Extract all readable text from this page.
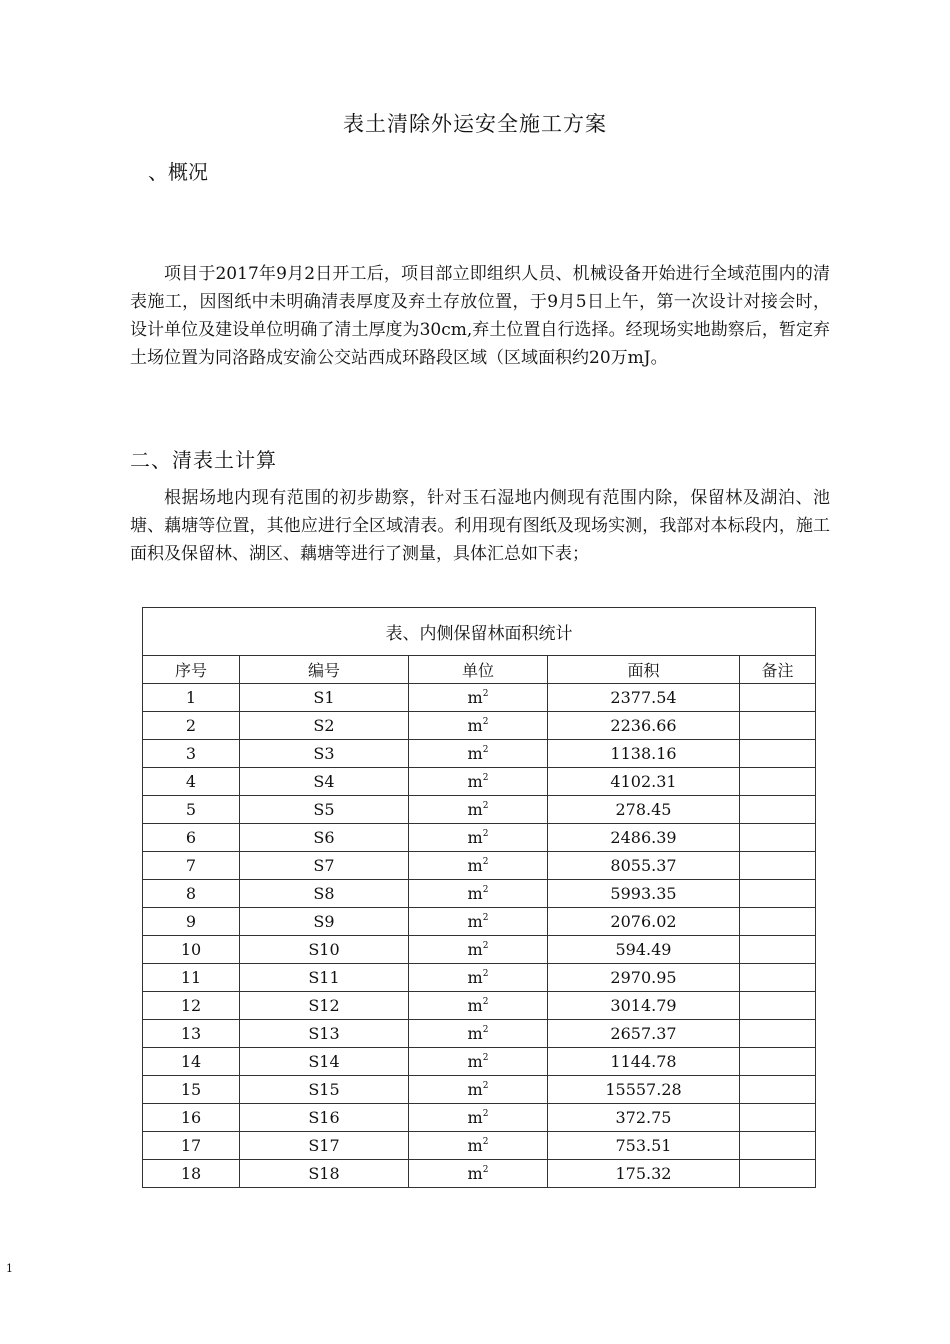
表土清除外运安全施工方案
、概况
项目于2017年9月2日开工后，项目部立即组织人员、机械设备开始进行全域范围内的清表施工，因图纸中未明确清表厚度及弃土存放位置，于9月5日上午，第一次设计对接会时，设计单位及建设单位明确了清土厚度为30cm,弃土位置自行选择。经现场实地勘察后，暂定弃土场位置为同洛路成安渝公交站西成环路段区域（区域面积约20万mJ。
二、清表土计算
根据场地内现有范围的初步勘察，针对玉石湿地内侧现有范围内除，保留林及湖泊、池塘、藕塘等位置，其他应进行全区域清表。利用现有图纸及现场实测，我部对本标段内，施工面积及保留林、湖区、藕塘等进行了测量，具体汇总如下表；
表、内侧保留林面积统计				
序号	编号	单位	面积	备注
1	S1	$m^2$	2377.54	
2	S2	$m^2$	2236.66	
3	S3	$m^2$	1138.16	
4	S4	$m^2$	4102.31	
5	S5	$m^2$	278.45	
6	S6	$m^2$	2486.39	
7	S7	$m^2$	8055.37	
8	S8	$m^2$	5993.35	
9	S9	$m^2$	2076.02	
10	S10	$m^2$	594.49	
11	S11	$m^2$	2970.95	
12	S12	$m^2$	3014.79	
13	S13	$m^2$	2657.37	
14	S14	$m^2$	1144.78	
15	S15	$m^2$	15557.28	
16	S16	$m^2$	372.75	
17	S17	$m^2$	753.51	
18	S18	$m^2$	175.32	
1
